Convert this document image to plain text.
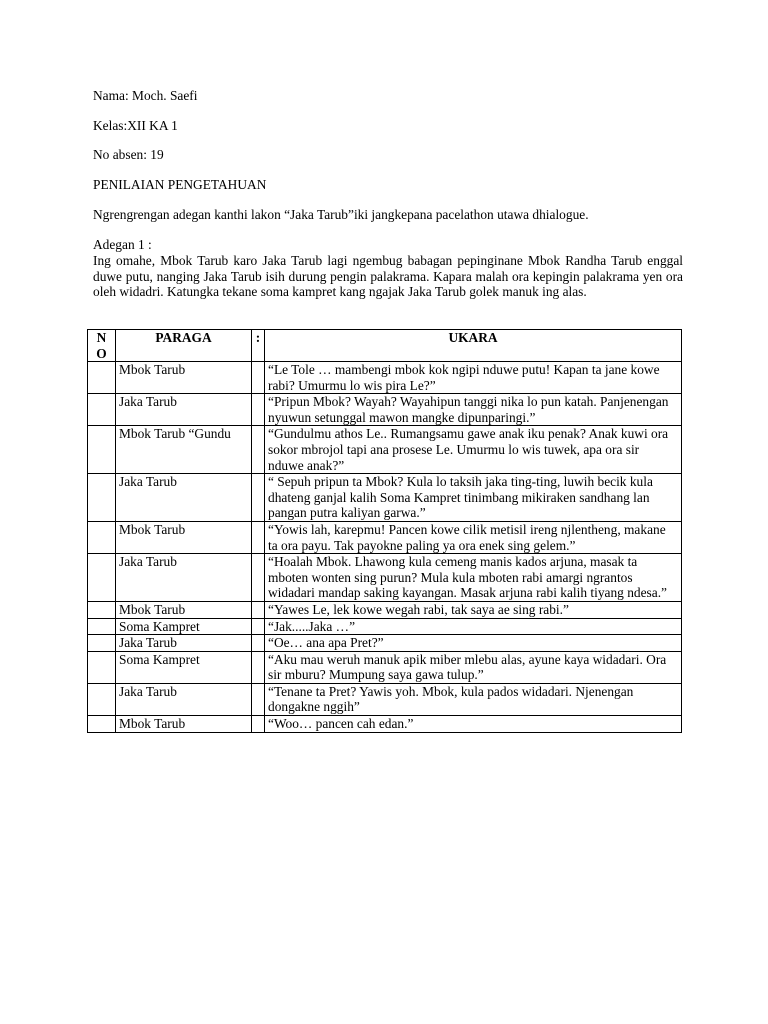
Nama: Moch. Saefi
Kelas:XII KA 1
No absen: 19
PENILAIAN PENGETAHUAN
Ngrengrengan adegan kanthi lakon “Jaka Tarub”iki jangkepana pacelathon utawa dhialogue.
Adegan 1 :
Ing omahe, Mbok Tarub karo Jaka Tarub lagi ngembug babagan pepinginane Mbok Randha Tarub enggal duwe putu, nanging Jaka Tarub isih durung pengin palakrama. Kapara malah ora kepingin palakrama yen ora oleh widadri. Katungka tekane soma kampret kang ngajak Jaka Tarub golek manuk ing alas.
N
O	PARAGA	:	UKARA
	Mbok Tarub		“Le Tole … mambengi mbok kok ngipi nduwe putu! Kapan ta jane kowe rabi? Umurmu lo wis pira Le?”
	Jaka Tarub		“Pripun Mbok? Wayah? Wayahipun tanggi nika lo pun katah. Panjenengan nyuwun setunggal mawon mangke dipunparingi.”
	Mbok Tarub “Gundu		“Gundulmu athos Le.. Rumangsamu gawe anak iku penak? Anak kuwi ora sokor mbrojol tapi ana prosese Le. Umurmu lo wis tuwek, apa ora sir nduwe anak?”
	Jaka Tarub		“ Sepuh pripun ta Mbok? Kula lo taksih jaka ting-ting, luwih becik kula dhateng ganjal kalih Soma Kampret tinimbang mikiraken sandhang lan pangan putra kaliyan garwa.”
	Mbok Tarub		“Yowis lah, karepmu! Pancen kowe cilik metisil ireng njlentheng, makane ta ora payu. Tak payokne paling ya ora enek sing gelem.”
	Jaka Tarub		“Hoalah Mbok. Lhawong kula cemeng manis kados arjuna, masak ta mboten wonten sing purun? Mula kula mboten rabi amargi ngrantos widadari mandap saking kayangan. Masak arjuna rabi kalih tiyang ndesa.”
	Mbok Tarub		“Yawes Le, lek kowe wegah rabi, tak saya ae sing rabi.”
	Soma Kampret		“Jak.....Jaka …”
	Jaka Tarub		“Oe… ana apa Pret?”
	Soma Kampret		“Aku mau weruh manuk apik miber mlebu alas, ayune kaya widadari. Ora sir mburu? Mumpung saya gawa tulup.”
	Jaka Tarub		“Tenane ta Pret? Yawis yoh. Mbok, kula pados widadari. Njenengan dongakne nggih”
	Mbok Tarub		“Woo… pancen cah edan.”
